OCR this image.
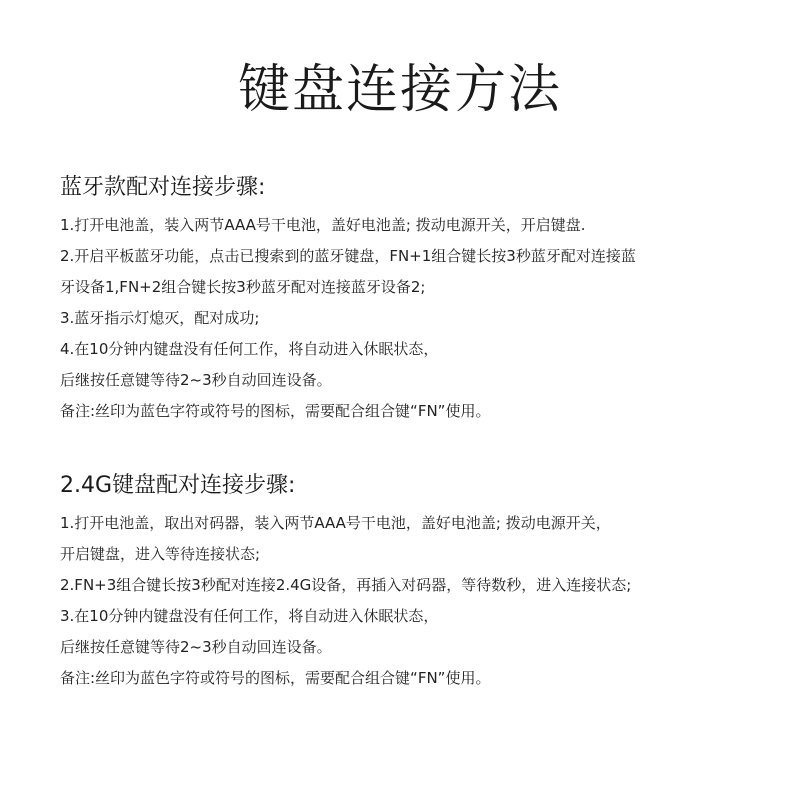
键盘连接方法
蓝牙款配对连接步骤:
1.打开电池盖，装入两节AAA号干电池，盖好电池盖; 拨动电源开关，开启键盘.
2.开启平板蓝牙功能，点击已搜索到的蓝牙键盘，FN+1组合键长按3秒蓝牙配对连接蓝
牙设备1,FN+2组合键长按3秒蓝牙配对连接蓝牙设备2;
3.蓝牙指示灯熄灭，配对成功;
4.在10分钟内键盘没有任何工作，将自动进入休眠状态，
后继按任意键等待2~3秒自动回连设备。
备注:丝印为蓝色字符或符号的图标，需要配合组合键“FN”使用。
2.4G键盘配对连接步骤:
1.打开电池盖，取出对码器，装入两节AAA号干电池，盖好电池盖; 拨动电源开关，
开启键盘，进入等待连接状态;
2.FN+3组合键长按3秒配对连接2.4G设备，再插入对码器，等待数秒，进入连接状态;
3.在10分钟内键盘没有任何工作，将自动进入休眠状态，
后继按任意键等待2~3秒自动回连设备。
备注:丝印为蓝色字符或符号的图标，需要配合组合键“FN”使用。
